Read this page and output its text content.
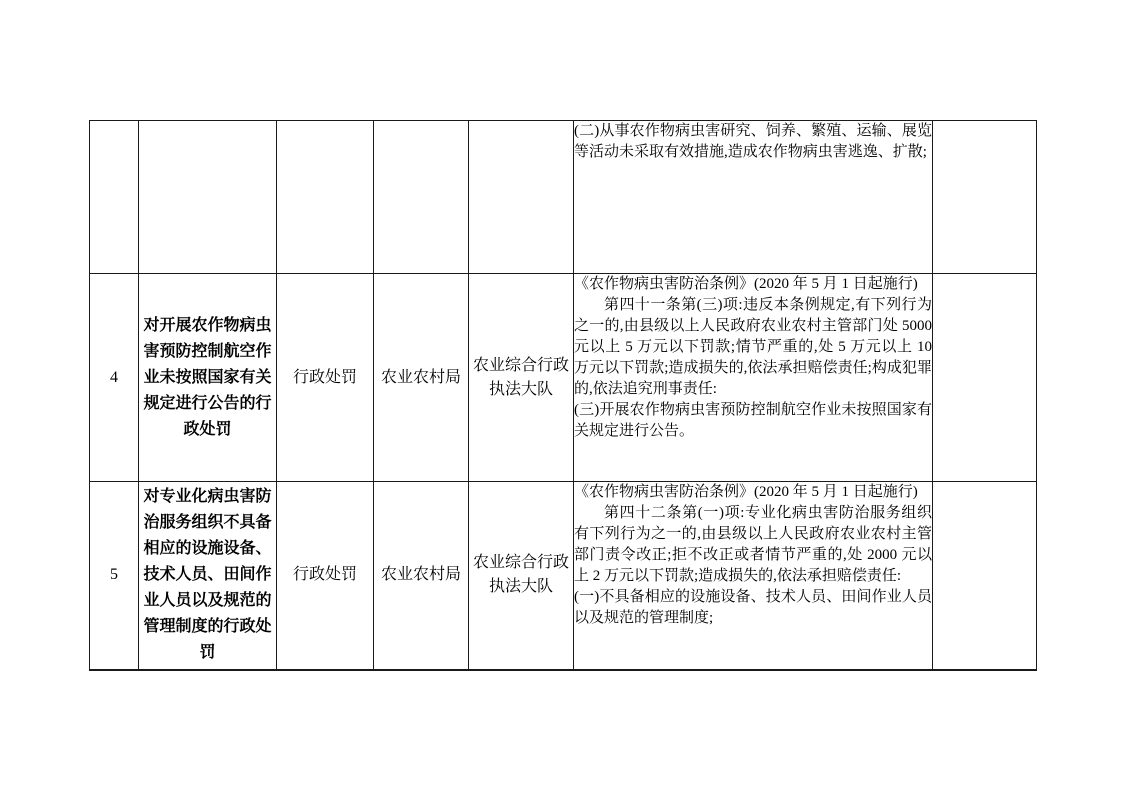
					(二)从事农作物病虫害研究、饲养、繁殖、运输、展览等活动未采取有效措施,造成农作物病虫害逃逸、扩散;	

4	对开展农作物病虫害预防控制航空作业未按照国家有关规定进行公告的行政处罚	行政处罚	农业农村局	农业综合行政执法大队	《农作物病虫害防治条例》(2020 年 5 月 1 日起施行)

第四十一条第(三)项:违反本条例规定,有下列行为之一的,由县级以上人民政府农业农村主管部门处 5000 元以上 5 万元以下罚款;情节严重的,处 5 万元以上 10 万元以下罚款;造成损失的,依法承担赔偿责任;构成犯罪的,依法追究刑事责任:

(三)开展农作物病虫害预防控制航空作业未按照国家有关规定进行公告。	

5	对专业化病虫害防治服务组织不具备相应的设施设备、技术人员、田间作业人员以及规范的管理制度的行政处罚	行政处罚	农业农村局	农业综合行政执法大队	《农作物病虫害防治条例》(2020 年 5 月 1 日起施行)

第四十二条第(一)项:专业化病虫害防治服务组织有下列行为之一的,由县级以上人民政府农业农村主管部门责令改正;拒不改正或者情节严重的,处 2000 元以上 2 万元以下罚款;造成损失的,依法承担赔偿责任:

(一)不具备相应的设施设备、技术人员、田间作业人员以及规范的管理制度;	
